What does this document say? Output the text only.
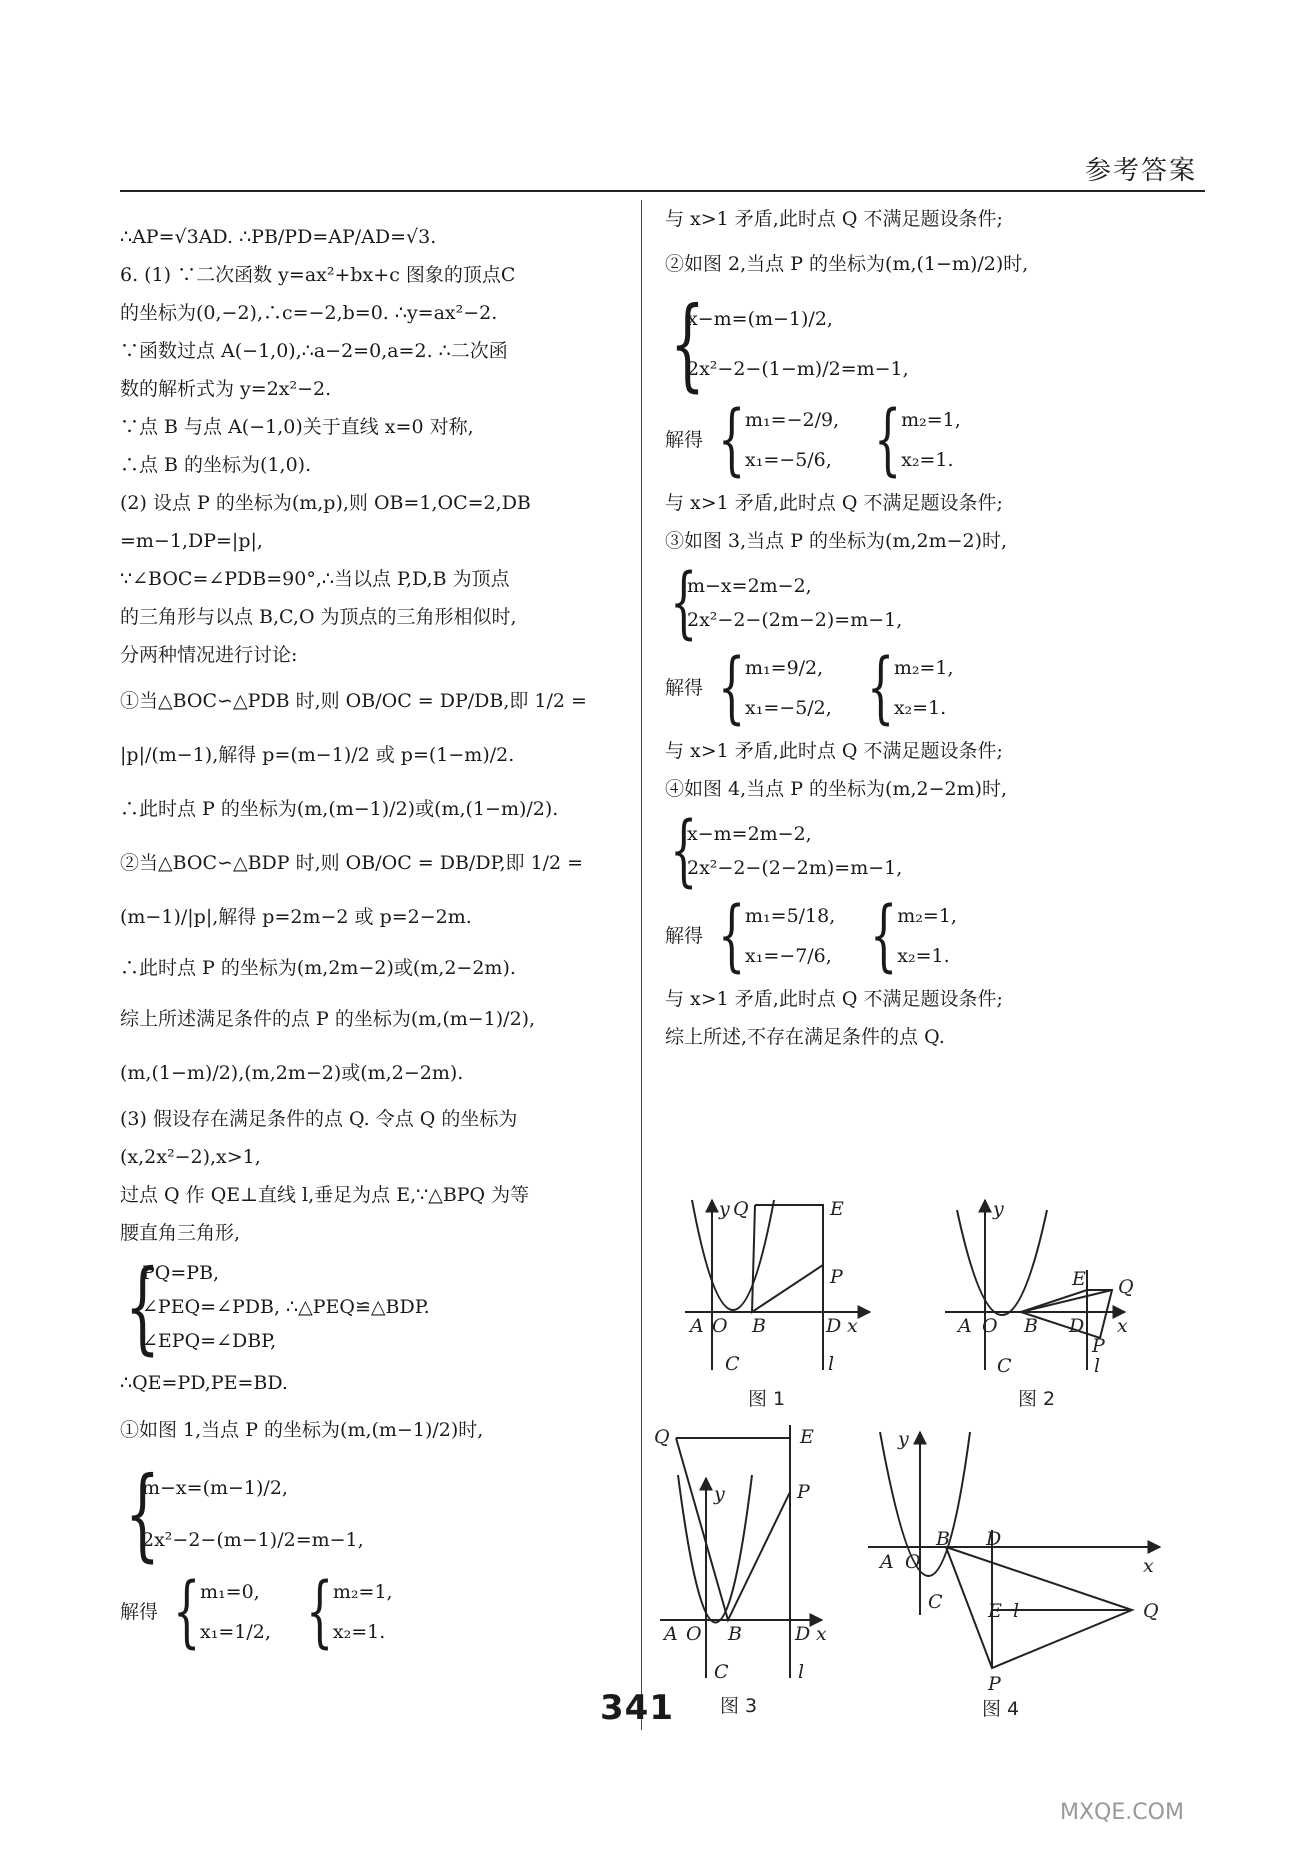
参考答案
∴AP=√3AD. ∴PB/PD=AP/AD=√3.
6. (1) ∵二次函数 y=ax²+bx+c 图象的顶点C
的坐标为(0,−2),∴c=−2,b=0. ∴y=ax²−2.
∵函数过点 A(−1,0),∴a−2=0,a=2. ∴二次函
数的解析式为 y=2x²−2.
∵点 B 与点 A(−1,0)关于直线 x=0 对称,
∴点 B 的坐标为(1,0).
(2) 设点 P 的坐标为(m,p),则 OB=1,OC=2,DB
=m−1,DP=|p|,
∵∠BOC=∠PDB=90°,∴当以点 P,D,B 为顶点
的三角形与以点 B,C,O 为顶点的三角形相似时,
分两种情况进行讨论:
①当△BOC∽△PDB 时,则 OB/OC = DP/DB,即 1/2 =
|p|/(m−1),解得 p=(m−1)/2 或 p=(1−m)/2.
∴此时点 P 的坐标为(m,(m−1)/2)或(m,(1−m)/2).
②当△BOC∽△BDP 时,则 OB/OC = DB/DP,即 1/2 =
(m−1)/|p|,解得 p=2m−2 或 p=2−2m.
∴此时点 P 的坐标为(m,2m−2)或(m,2−2m).
综上所述满足条件的点 P 的坐标为(m,(m−1)/2),
(m,(1−m)/2),(m,2m−2)或(m,2−2m).
(3) 假设存在满足条件的点 Q. 令点 Q 的坐标为
(x,2x²−2),x>1,
过点 Q 作 QE⊥直线 l,垂足为点 E,∵△BPQ 为等
腰直角三角形,
{
PQ=PB,
∠PEQ=∠PDB, ∴△PEQ≌△BDP.
∠EPQ=∠DBP,
∴QE=PD,PE=BD.
①如图 1,当点 P 的坐标为(m,(m−1)/2)时,
{
m−x=(m−1)/2,
2x²−2−(m−1)/2=m−1,
解得 { m₁=0,
x₁=1/2, { m₂=1,
x₂=1.
与 x>1 矛盾,此时点 Q 不满足题设条件;
②如图 2,当点 P 的坐标为(m,(1−m)/2)时,
{
x−m=(m−1)/2,
2x²−2−(1−m)/2=m−1,
解得 { m₁=−2/9,
x₁=−5/6, { m₂=1,
x₂=1.
与 x>1 矛盾,此时点 Q 不满足题设条件;
③如图 3,当点 P 的坐标为(m,2m−2)时,
{
m−x=2m−2,
2x²−2−(2m−2)=m−1,
解得 { m₁=9/2,
x₁=−5/2, { m₂=1,
x₂=1.
与 x>1 矛盾,此时点 Q 不满足题设条件;
④如图 4,当点 P 的坐标为(m,2−2m)时,
{
x−m=2m−2,
2x²−2−(2−2m)=m−1,
解得 { m₁=5/18,
x₁=−7/6, { m₂=1,
x₂=1.
与 x>1 矛盾,此时点 Q 不满足题设条件;
综上所述,不存在满足条件的点 Q.
y Q	E
P
A O B	D x
C	l
图 1
y
E Q
A O B D x
P
C	l
图 2
Q	E
y	P
A O B	D x
C	l
图 3
y
B D
A O	x
C E l	Q
P
图 4
341
MXQE.COM
